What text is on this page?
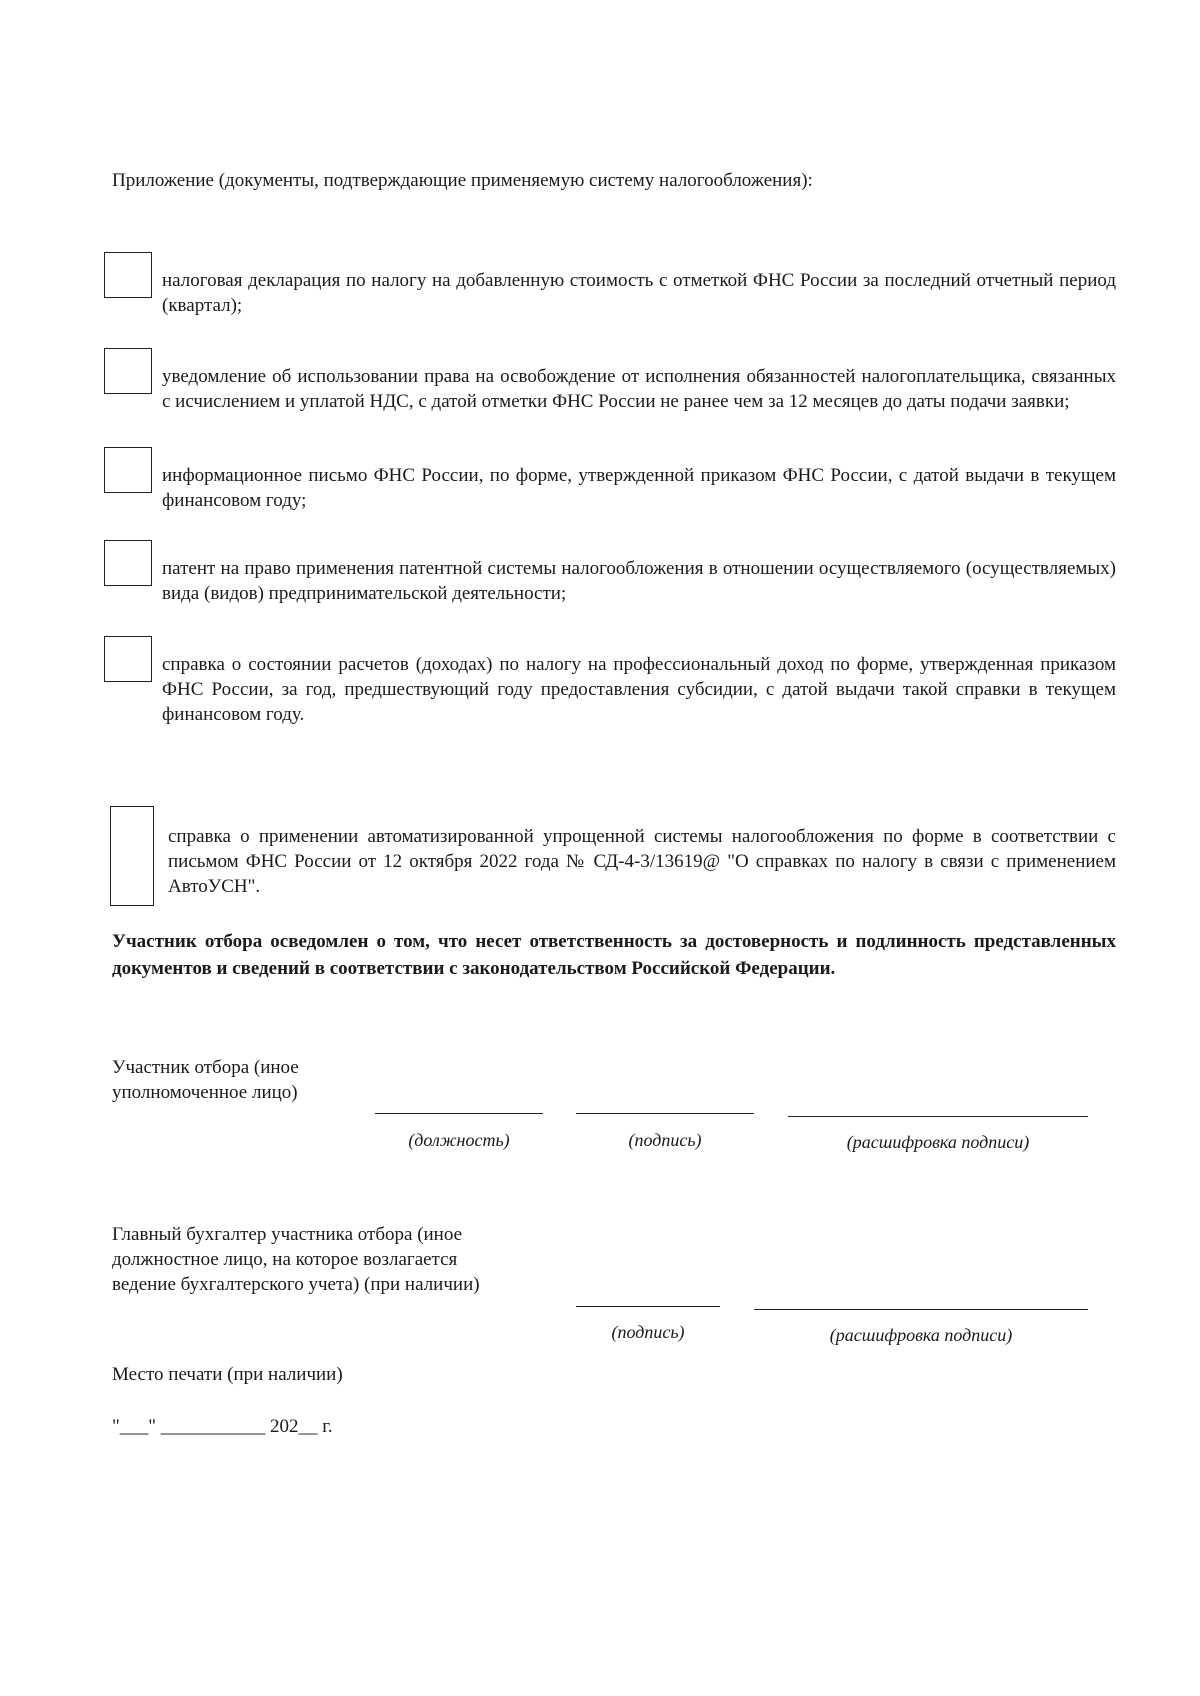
Приложение (документы, подтверждающие применяемую систему налогообложения):
налоговая декларация по налогу на добавленную стоимость с отметкой ФНС России за последний отчетный период (квартал);
уведомление об использовании права на освобождение от исполнения обязанностей налогоплательщика, связанных с исчислением и уплатой НДС, с датой отметки ФНС России не ранее чем за 12 месяцев до даты подачи заявки;
информационное письмо ФНС России, по форме, утвержденной приказом ФНС России, с датой выдачи в текущем финансовом году;
патент на право применения патентной системы налогообложения в отношении осуществляемого (осуществляемых) вида (видов) предпринимательской деятельности;
справка о состоянии расчетов (доходах) по налогу на профессиональный доход по форме, утвержденная приказом ФНС России, за год, предшествующий году предоставления субсидии, с датой выдачи такой справки в текущем финансовом году.
справка о применении автоматизированной упрощенной системы налогообложения по форме в соответствии с письмом ФНС России от 12 октября 2022 года № СД-4-3/13619@ "О справках по налогу в связи с применением АвтоУСН".
Участник отбора осведомлен о том, что несет ответственность за достоверность и подлинность представленных документов и сведений в соответствии с законодательством Российской Федерации.
Участник отбора (иное
уполномоченное лицо)
(должность)	(подпись)	(расшифровка подписи)
Главный бухгалтер участника отбора (иное
должностное лицо, на которое возлагается
ведение бухгалтерского учета) (при наличии)
(подпись)	(расшифровка подписи)
Место печати (при наличии)
"___" ___________ 202__ г.
